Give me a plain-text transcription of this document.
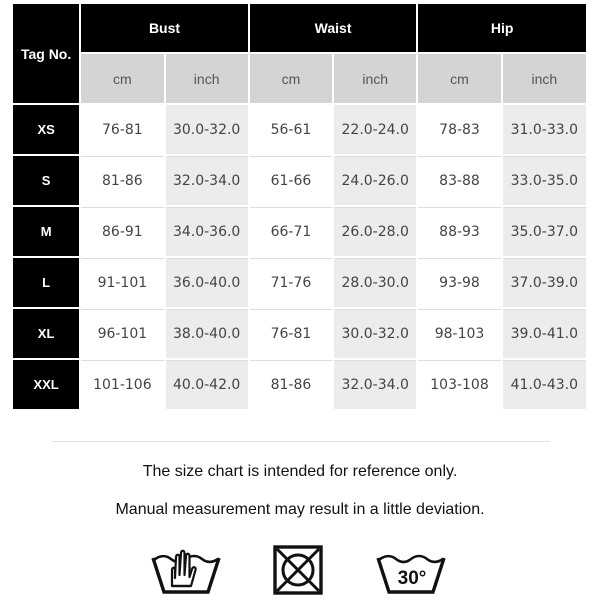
Tag No.	Bust		Waist		Hip	
	cm	inch	cm	inch	cm	inch
XS	76-81	30.0-32.0	56-61	22.0-24.0	78-83	31.0-33.0
S	81-86	32.0-34.0	61-66	24.0-26.0	83-88	33.0-35.0
M	86-91	34.0-36.0	66-71	26.0-28.0	88-93	35.0-37.0
L	91-101	36.0-40.0	71-76	28.0-30.0	93-98	37.0-39.0
XL	96-101	38.0-40.0	76-81	30.0-32.0	98-103	39.0-41.0
XXL	101-106	40.0-42.0	81-86	32.0-34.0	103-108	41.0-43.0
The size chart is intended for reference only.
Manual measurement may result in a little deviation.
30°
